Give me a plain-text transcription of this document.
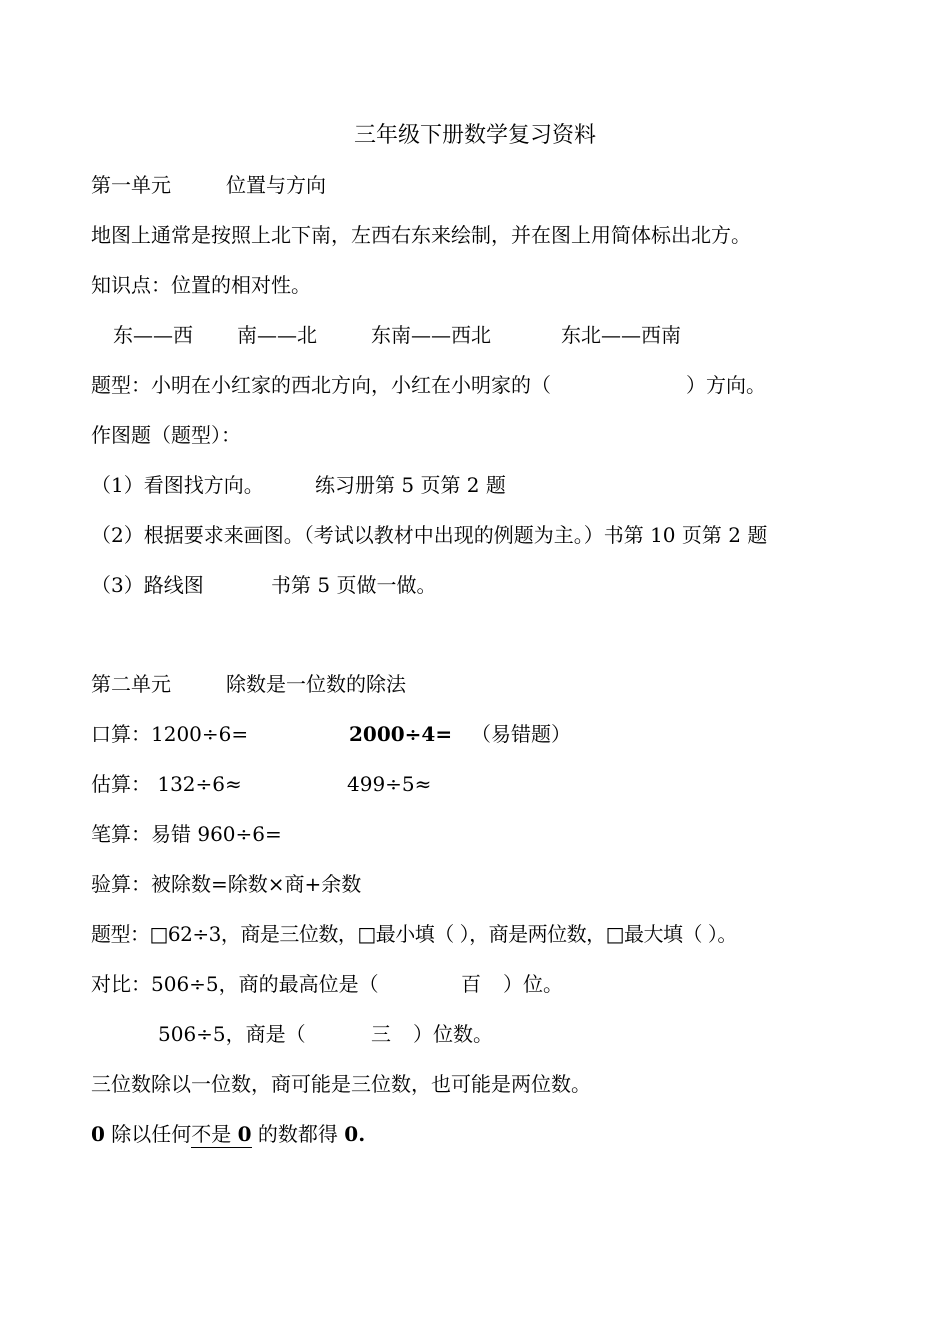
三年级下册数学复习资料
第一单元	位置与方向
地图上通常是按照上北下南，左西右东来绘制，并在图上用简体标出北方。
知识点：位置的相对性。
东——西 南——北	东南——西北	东北——西南
题型：小明在小红家的西北方向，小红在小明家的（	）方向。
作图题（题型）：
（1）看图找方向。	练习册第 5 页第 2 题
（2）根据要求来画图。（考试以教材中出现的例题为主。）书第 10 页第 2 题
（3）路线图	书第 5 页做一做。
第二单元	除数是一位数的除法
口算：1200÷6=	2000÷4= （易错题）
估算： 132÷6≈	499÷5≈
笔算：易错 960÷6=
验算：被除数=除数×商+余数
题型：□62÷3，商是三位数，□最小填（ ），商是两位数，□最大填（ ）。
对比：506÷5，商的最高位是（	百 ）位。
506÷5，商是（	三 ）位数。
三位数除以一位数，商可能是三位数，也可能是两位数。
0 除以任何不是 0 的数都得 0.
